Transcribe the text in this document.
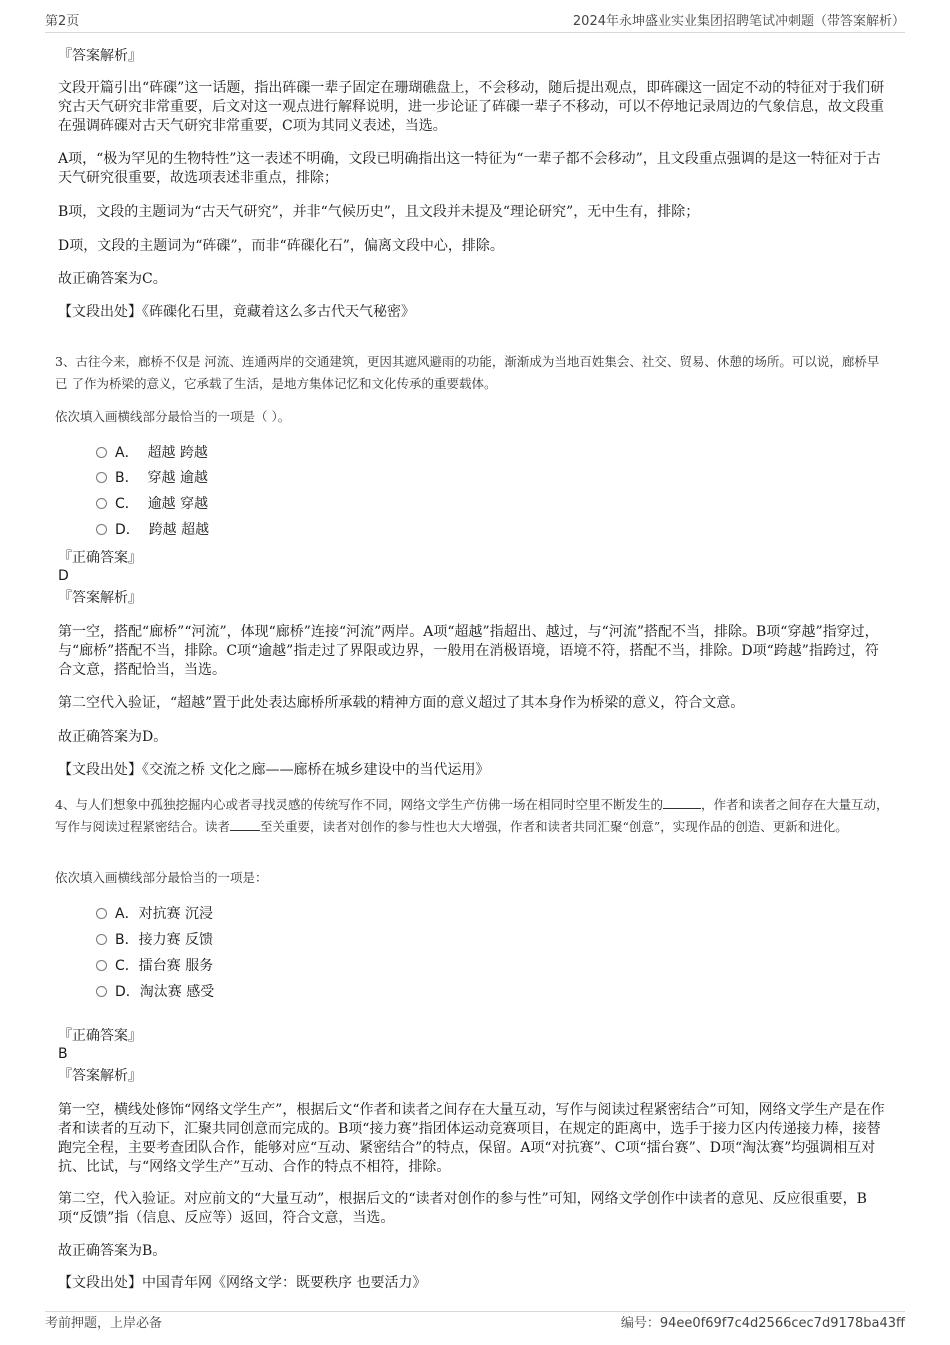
第2页	2024年永坤盛业实业集团招聘笔试冲刺题（带答案解析）
『答案解析』

文段开篇引出“砗磲”这一话题，指出砗磲一辈子固定在珊瑚礁盘上，不会移动，随后提出观点，即砗磲这一固定不动的特征对于我们研究古天气研究非常重要，后文对这一观点进行解释说明，进一步论证了砗磲一辈子不移动，可以不停地记录周边的气象信息，故文段重在强调砗磲对古天气研究非常重要，C项为其同义表述，当选。

A项，“极为罕见的生物特性”这一表述不明确，文段已明确指出这一特征为“一辈子都不会移动”，且文段重点强调的是这一特征对于古天气研究很重要，故选项表述非重点，排除；

B项，文段的主题词为“古天气研究”，并非“气候历史”，且文段并未提及“理论研究”，无中生有，排除；

D项，文段的主题词为“砗磲”，而非“砗磲化石”，偏离文段中心，排除。

故正确答案为C。

【文段出处】《砗磲化石里，竟藏着这么多古代天气秘密》

3、古往今来，廊桥不仅是 河流、连通两岸的交通建筑，更因其遮风避雨的功能，渐渐成为当地百姓集会、社交、贸易、休憩的场所。可以说，廊桥早已 了作为桥梁的意义，它承载了生活，是地方集体记忆和文化传承的重要载体。
依次填入画横线部分最恰当的一项是（ ）。
A． 超越 跨越
B． 穿越 逾越
C． 逾越 穿越
D． 跨越 超越
『正确答案』
D
『答案解析』

第一空，搭配“廊桥”“河流”，体现“廊桥”连接“河流”两岸。A项“超越”指超出、越过，与“河流”搭配不当，排除。B项“穿越”指穿过，与“廊桥”搭配不当，排除。C项“逾越”指走过了界限或边界，一般用在消极语境，语境不符，搭配不当，排除。D项“跨越”指跨过，符合文意，搭配恰当，当选。

第二空代入验证，“超越”置于此处表达廊桥所承载的精神方面的意义超过了其本身作为桥梁的意义，符合文意。

故正确答案为D。

【文段出处】《交流之桥 文化之廊——廊桥在城乡建设中的当代运用》

4、与人们想象中孤独挖掘内心或者寻找灵感的传统写作不同，网络文学生产仿佛一场在相同时空里不断发生的	，作者和读者之间存在大量互动，写作与阅读过程紧密结合。读者 至关重要，读者对创作的参与性也大大增强，作者和读者共同汇聚“创意”，实现作品的创造、更新和进化。
依次填入画横线部分最恰当的一项是：
A．对抗赛 沉浸
B．接力赛 反馈
C．擂台赛 服务
D．淘汰赛 感受
『正确答案』
B
『答案解析』

第一空，横线处修饰“网络文学生产”，根据后文“作者和读者之间存在大量互动，写作与阅读过程紧密结合”可知，网络文学生产是在作者和读者的互动下，汇聚共同创意而完成的。B项“接力赛”指团体运动竞赛项目，在规定的距离中，选手于接力区内传递接力棒，接替跑完全程，主要考查团队合作，能够对应“互动、紧密结合”的特点，保留。A项“对抗赛”、C项“擂台赛”、D项“淘汰赛”均强调相互对抗、比试，与“网络文学生产”互动、合作的特点不相符，排除。

第二空，代入验证。对应前文的“大量互动”，根据后文的“读者对创作的参与性”可知，网络文学创作中读者的意见、反应很重要，B项“反馈”指（信息、反应等）返回，符合文意，当选。

故正确答案为B。

【文段出处】中国青年网《网络文学：既要秩序 也要活力》

考前押题，上岸必备	编号：94ee0f69f7c4d2566cec7d9178ba43ff
